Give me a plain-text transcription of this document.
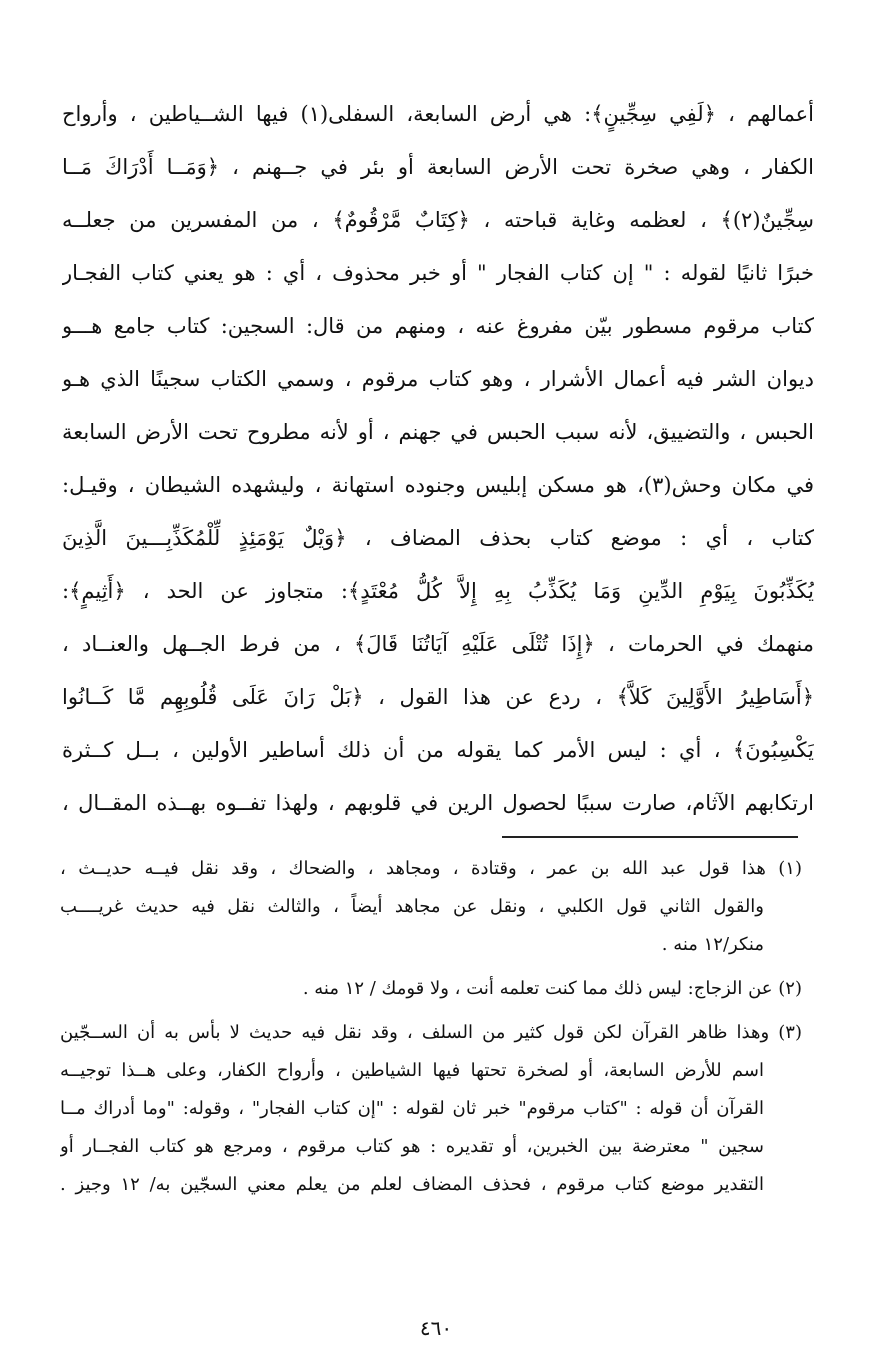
أعمالهم ، ﴿لَفِي سِجِّينٍ﴾: هي أرض السابعة، السفلى(١) فيها الشــياطين ، وأرواح
الكفار ، وهي صخرة تحت الأرض السابعة أو بئر في جــهنم ، ﴿وَمَــا أَدْرَاكَ مَــا
سِجِّينٌ(٢)﴾ ، لعظمه وغاية قباحته ، ﴿كِتَابٌ مَّرْقُومٌ﴾ ، من المفسرين من جعلــه
خبرًا ثانيًا لقوله : " إن كتاب الفجار " أو خبر محذوف ، أي : هو يعني كتاب الفجـار
كتاب مرقوم مسطور بيّن مفروغ عنه ، ومنهم من قال: السجين: كتاب جامع هـــو
ديوان الشر فيه أعمال الأشرار ، وهو كتاب مرقوم ، وسمي الكتاب سجينًا الذي هـو
الحبس ، والتضييق، لأنه سبب الحبس في جهنم ، أو لأنه مطروح تحت الأرض السابعة
في مكان وحش(٣)، هو مسكن إبليس وجنوده استهانة ، وليشهده الشيطان ، وقيـل:
كتاب ، أي : موضع كتاب بحذف المضاف ، ﴿وَيْلٌ يَوْمَئِذٍ لِّلْمُكَذِّبِـــينَ الَّذِينَ
يُكَذِّبُونَ بِيَوْمِ الدِّينِ وَمَا يُكَذِّبُ بِهِ إِلاَّ كُلُّ مُعْتَدٍ﴾: متجاوز عن الحد ، ﴿أَثِيمٍ﴾:
منهمك في الحرمات ، ﴿إِذَا تُتْلَى عَلَيْهِ آيَاتُنَا قَالَ﴾ ، من فرط الجــهل والعنــاد ،
﴿أَسَاطِيرُ الأَوَّلِينَ كَلاَّ﴾ ، ردع عن هذا القول ، ﴿بَلْ رَانَ عَلَى قُلُوبِهِم مَّا كَــانُوا
يَكْسِبُونَ﴾ ، أي : ليس الأمر كما يقوله من أن ذلك أساطير الأولين ، بــل كــثرة
ارتكابهم الآثام، صارت سببًا لحصول الرين في قلوبهم ، ولهذا تفــوه بهــذه المقــال ،
(١) هذا قول عبد الله بن عمر ، وقتادة ، ومجاهد ، والضحاك ، وقد نقل فيــه حديــث ،
والقول الثاني قول الكلبي ، ونقل عن مجاهد أيضاً ، والثالث نقل فيه حديث غريــــب
منكر/١٢ منه .
(٢) عن الزجاج: ليس ذلك مما كنت تعلمه أنت ، ولا قومك / ١٢ منه .
(٣) وهذا ظاهر القرآن لكن قول كثير من السلف ، وقد نقل فيه حديث لا بأس به أن الســجّين
اسم للأرض السابعة، أو لصخرة تحتها فيها الشياطين ، وأرواح الكفار، وعلى هــذا توجيــه
القرآن أن قوله : "كتاب مرقوم" خبر ثان لقوله : "إن كتاب الفجار" ، وقوله: "وما أدراك مــا
سجين " معترضة بين الخبرين، أو تقديره : هو كتاب مرقوم ، ومرجع هو كتاب الفجــار أو
التقدير موضع كتاب مرقوم ، فحذف المضاف لعلم من يعلم معني السجّين به/ ١٢ وجيز .
٤٦٠
